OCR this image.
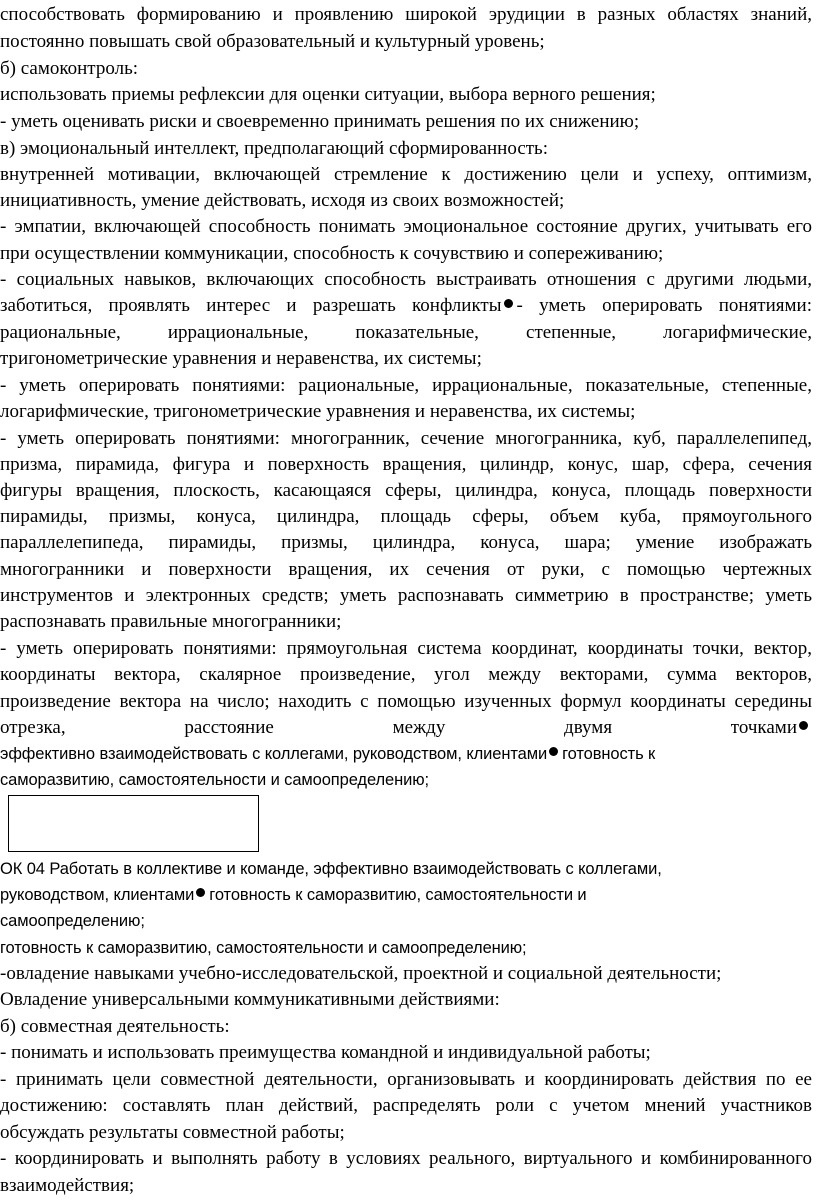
способствовать формированию и проявлению широкой эрудиции в разных областях знаний,
постоянно повышать свой образовательный и культурный уровень;
б) самоконтроль:
использовать приемы рефлексии для оценки ситуации, выбора верного решения;
- уметь оценивать риски и своевременно принимать решения по их снижению;
в) эмоциональный интеллект, предполагающий сформированность:
внутренней мотивации, включающей стремление к достижению цели и успеху, оптимизм,
инициативность, умение действовать, исходя из своих возможностей;
- эмпатии, включающей способность понимать эмоциональное состояние других, учитывать его
при осуществлении коммуникации, способность к сочувствию и сопереживанию;
- социальных навыков, включающих способность выстраивать отношения с другими людьми,
заботиться, проявлять интерес и разрешать конфликты - уметь оперировать понятиями:
рациональные, иррациональные, показательные, степенные, логарифмические,
тригонометрические уравнения и неравенства, их системы;
- уметь оперировать понятиями: рациональные, иррациональные, показательные, степенные,
логарифмические, тригонометрические уравнения и неравенства, их системы;
- уметь оперировать понятиями: многогранник, сечение многогранника, куб, параллелепипед,
призма, пирамида, фигура и поверхность вращения, цилиндр, конус, шар, сфера, сечения
фигуры вращения, плоскость, касающаяся сферы, цилиндра, конуса, площадь поверхности
пирамиды, призмы, конуса, цилиндра, площадь сферы, объем куба, прямоугольного
параллелепипеда, пирамиды, призмы, цилиндра, конуса, шара; умение изображать
многогранники и поверхности вращения, их сечения от руки, с помощью чертежных
инструментов и электронных средств; уметь распознавать симметрию в пространстве; уметь
распознавать правильные многогранники;
- уметь оперировать понятиями: прямоугольная система координат, координаты точки, вектор,
координаты вектора, скалярное произведение, угол между векторами, сумма векторов,
произведение вектора на число; находить с помощью изученных формул координаты середины
отрезка, расстояние между двумя точками
эффективно взаимодействовать с коллегами, руководством, клиентами готовность к
саморазвитию, самостоятельности и самоопределению;
ОК 04 Работать в коллективе и команде, эффективно взаимодействовать с коллегами,
руководством, клиентами готовность к саморазвитию, самостоятельности и
самоопределению;
готовность к саморазвитию, самостоятельности и самоопределению;
-овладение навыками учебно-исследовательской, проектной и социальной деятельности;
Овладение универсальными коммуникативными действиями:
б) совместная деятельность:
- понимать и использовать преимущества командной и индивидуальной работы;
- принимать цели совместной деятельности, организовывать и координировать действия по ее
достижению: составлять план действий, распределять роли с учетом мнений участников
обсуждать результаты совместной работы;
- координировать и выполнять работу в условиях реального, виртуального и комбинированного
взаимодействия;
